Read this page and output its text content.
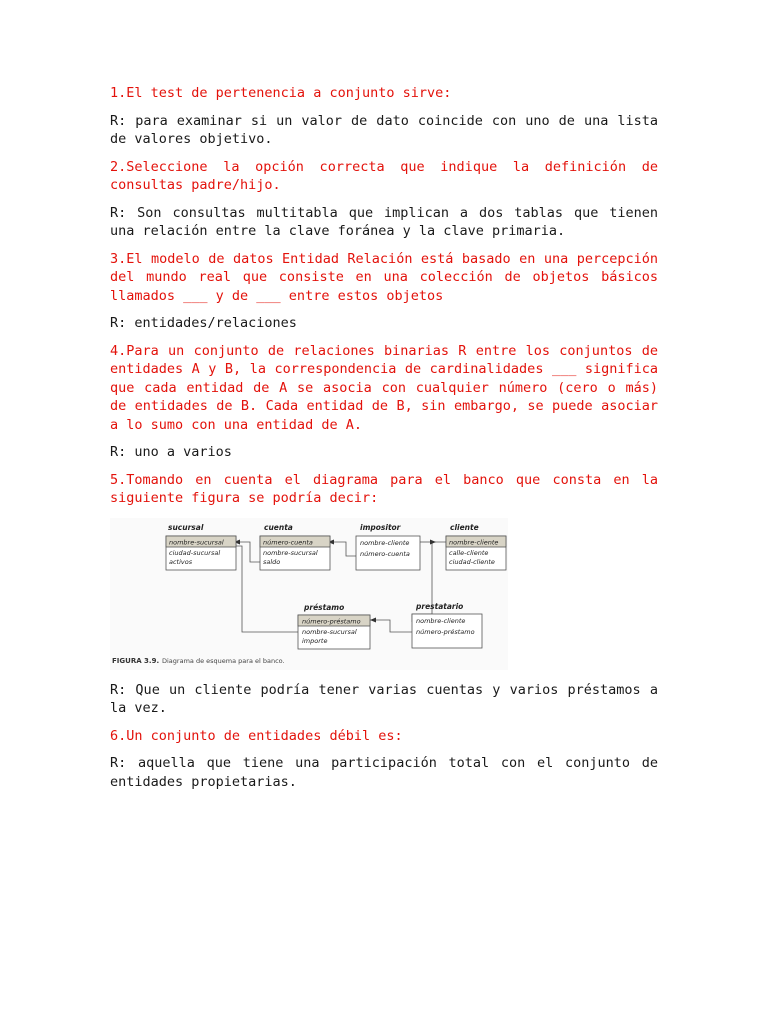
1.El test de pertenencia a conjunto sirve:

R: para examinar si un valor de dato coincide con uno de una lista de valores objetivo.

2.Seleccione la opción correcta que indique la definición de consultas padre/hijo.

R: Son consultas multitabla que implican a dos tablas que tienen una relación entre la clave foránea y la clave primaria.

3.El modelo de datos Entidad Relación está basado en una percepción del mundo real que consiste en una colección de objetos básicos llamados ___ y de ___ entre estos objetos

R: entidades/relaciones

4.Para un conjunto de relaciones binarias R entre los conjuntos de entidades A y B, la correspondencia de cardinalidades ___ significa que cada entidad de A se asocia con cualquier número (cero o más) de entidades de B. Cada entidad de B, sin embargo, se puede asociar a lo sumo con una entidad de A.

R: uno a varios

5.Tomando en cuenta el diagrama para el banco que consta en la siguiente figura se podría decir:

R: Que un cliente podría tener varias cuentas y varios préstamos a la vez.

6.Un conjunto de entidades débil es:

R: aquella que tiene una participación total con el conjunto de entidades propietarias.

sucursal
nombre-sucursal
ciudad-sucursal
activos
cuenta
número-cuenta
nombre-sucursal
saldo
impositor
nombre-cliente
número-cuenta
cliente
nombre-cliente
calle-cliente
ciudad-cliente
préstamo
número-préstamo
nombre-sucursal
importe
prestatario
nombre-cliente
número-préstamo
FIGURA 3.9. Diagrama de esquema para el banco.
